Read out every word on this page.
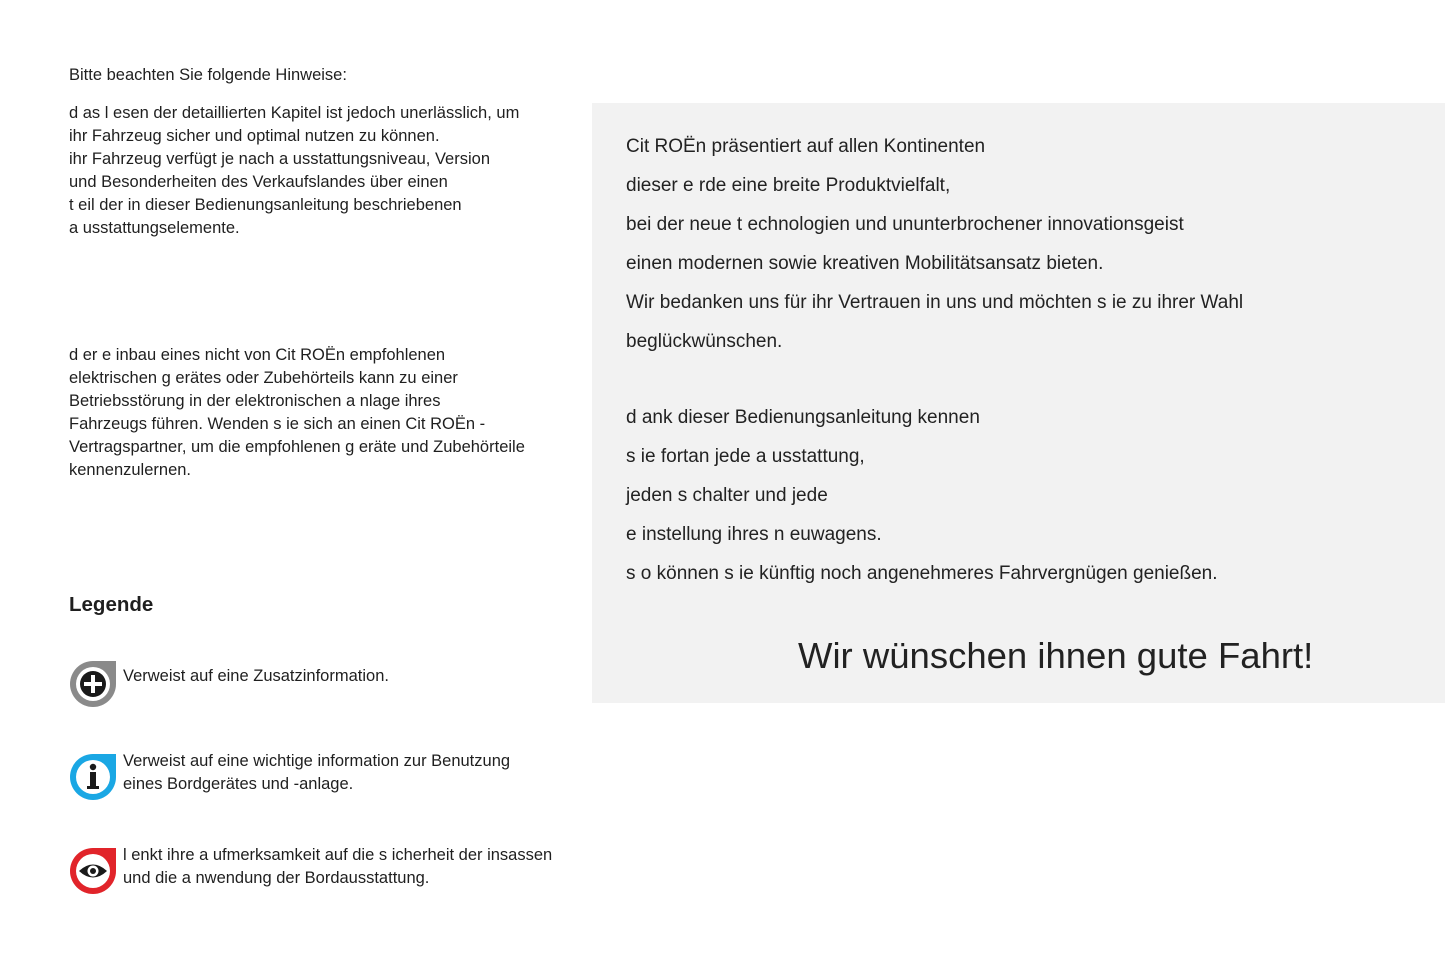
Bitte beachten Sie folgende Hinweise:

d as l esen der detaillierten Kapitel ist jedoch unerlässlich, um
ihr Fahrzeug sicher und optimal nutzen zu können.
ihr Fahrzeug verfügt je nach a usstattungsniveau, Version
und Besonderheiten des Verkaufslandes über einen
t eil der in dieser Bedienungsanleitung beschriebenen
a usstattungselemente.

d er e inbau eines nicht von Cit ROËn empfohlenen
elektrischen g erätes oder Zubehörteils kann zu einer
Betriebsstörung in der elektronischen a nlage ihres
Fahrzeugs führen. Wenden s ie sich an einen Cit ROËn -
Vertragspartner, um die empfohlenen g eräte und Zubehörteile
kennenzulernen.

Legende
Verweist auf eine Zusatzinformation.
Verweist auf eine wichtige information zur Benutzung
eines Bordgerätes und -anlage.
l enkt ihre a ufmerksamkeit auf die s icherheit der insassen
und die a nwendung der Bordausstattung.
Cit ROËn präsentiert auf allen Kontinenten
dieser e rde eine breite Produktvielfalt,
bei der neue t echnologien und ununterbrochener innovationsgeist
einen modernen sowie kreativen Mobilitätsansatz bieten.
Wir bedanken uns für ihr Vertrauen in uns und möchten s ie zu ihrer Wahl
beglückwünschen.
d ank dieser Bedienungsanleitung kennen
s ie fortan jede a usstattung,
jeden s chalter und jede
e instellung ihres n euwagens.
s o können s ie künftig noch angenehmeres Fahrvergnügen genießen.
Wir wünschen ihnen gute Fahrt!
